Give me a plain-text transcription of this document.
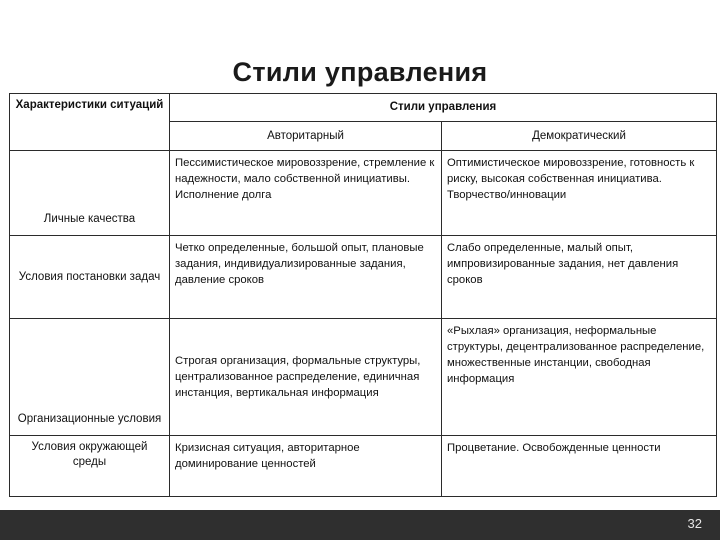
Стили управления
Характеристики ситуаций	Стили управления	
	Авторитарный	Демократический
Личные качества	Пессимистическое мировоззрение, стремление к надежности, мало собственной инициативы. Исполнение долга	Оптимистическое мировоззрение, готовность к риску, высокая собственная инициатива. Творчество/инновации
Условия постановки задач	Четко определенные, большой опыт, плановые задания, индивидуализированные задания, давление сроков	Слабо определенные, малый опыт, импровизированные задания, нет давления сроков
Организационные условия	Строгая организация, формальные структуры, централизованное распределение, единичная инстанция, вертикальная информация	«Рыхлая» организация, неформальные структуры, децентрализованное распределение, множественные инстанции, свободная информация
Условия окружающей среды	Кризисная ситуация, авторитарное доминирование ценностей	Процветание. Освобожденные ценности
32
